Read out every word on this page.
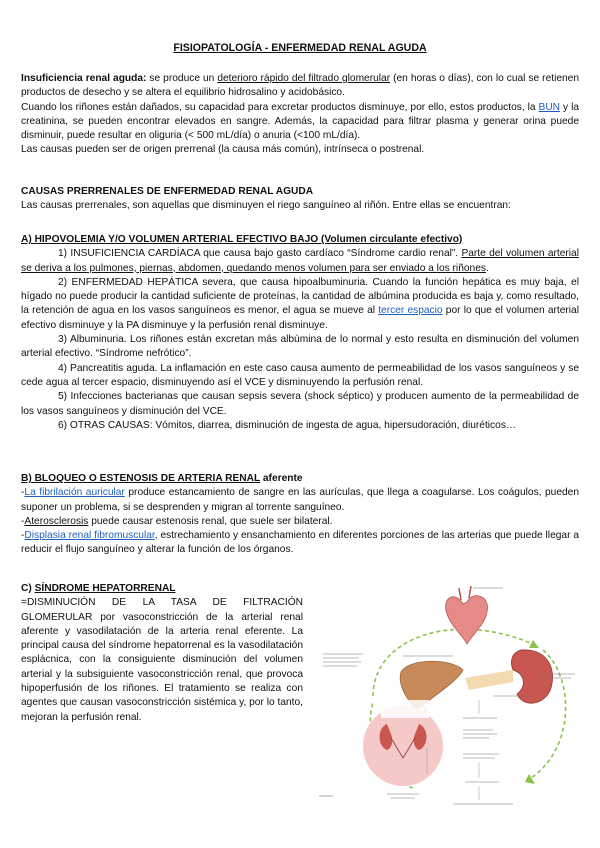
FISIOPATOLOGÍA - ENFERMEDAD RENAL AGUDA

Insuficiencia renal aguda: se produce un deterioro rápido del filtrado glomerular (en horas o días), con lo cual se retienen productos de desecho y se altera el equilibrio hidrosalino y acidobásico.

Cuando los riñones están dañados, su capacidad para excretar productos disminuye, por ello, estos productos, la BUN y la creatinina, se pueden encontrar elevados en sangre. Además, la capacidad para filtrar plasma y generar orina puede disminuir, puede resultar en oliguria (< 500 mL/día) o anuria (<100 mL/día).

Las causas pueden ser de origen prerrenal (la causa más común), intrínseca o postrenal.

CAUSAS PRERRENALES DE ENFERMEDAD RENAL AGUDA

Las causas prerrenales, son aquellas que disminuyen el riego sanguíneo al riñón. Entre ellas se encuentran:

A) HIPOVOLEMIA Y/O VOLUMEN ARTERIAL EFECTIVO BAJO (Volumen circulante efectivo)

1) INSUFICIENCIA CARDÍACA que causa bajo gasto cardíaco “Síndrome cardio renal”. Parte del volumen arterial se deriva a los pulmones, piernas, abdomen, quedando menos volumen para ser enviado a los riñones.

2) ENFERMEDAD HEPÁTICA severa, que causa hipoalbuminuria. Cuando la función hepática es muy baja, el hígado no puede producir la cantidad suficiente de proteínas, la cantidad de albúmina producida es baja y, como resultado, la retención de agua en los vasos sanguíneos es menor, el agua se mueve al tercer espacio por lo que el volumen arterial efectivo disminuye y la PA disminuye y la perfusión renal disminuye.

3) Albuminuria. Los riñones están excretan más albúmina de lo normal y esto resulta en disminución del volumen arterial efectivo. “Síndrome nefrótico”.

4) Pancreatitis aguda. La inflamación en este caso causa aumento de permeabilidad de los vasos sanguíneos y se cede agua al tercer espacio, disminuyendo así el VCE y disminuyendo la perfusión renal.

5) Infecciones bacterianas que causan sepsis severa (shock séptico) y producen aumento de la permeabilidad de los vasos sanguíneos y disminución del VCE.

6) OTRAS CAUSAS: Vómitos, diarrea, disminución de ingesta de agua, hipersudoración, diuréticos…

B) BLOQUEO O ESTENOSIS DE ARTERIA RENAL aferente

-La fibrilación auricular produce estancamiento de sangre en las aurículas, que llega a coagularse. Los coágulos, pueden suponer un problema, si se desprenden y migran al torrente sanguíneo.

-Aterosclerosis puede causar estenosis renal, que suele ser bilateral.

-Displasia renal fibromuscular, estrechamiento y ensanchamiento en diferentes porciones de las arterias que puede llegar a reducir el flujo sanguíneo y alterar la función de los órganos.

C) SÍNDROME HEPATORRENAL

=DISMINUCIÓN DE LA TASA DE FILTRACIÓN GLOMERULAR por vasoconstricción de la arterial renal aferente y vasodilatación de la arteria renal eferente. La principal causa del síndrome hepatorrenal es la vasodilatación esplácnica, con la consiguiente disminución del volumen arterial y la subsiguiente vasoconstricción renal, que provoca hipoperfusión de los riñones. El tratamiento se realiza con agentes que causan vasoconstricción sistémica y, por lo tanto, mejoran la perfusión renal.
